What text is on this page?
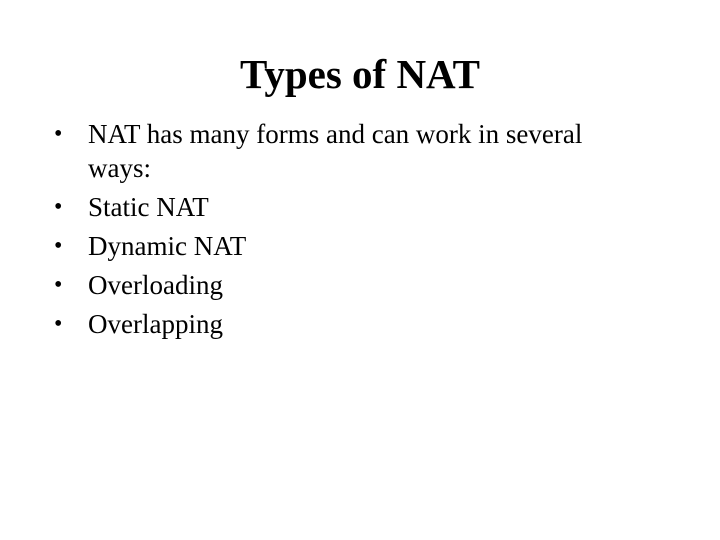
Types of NAT
• NAT has many forms and can work in several ways:
• Static NAT
• Dynamic NAT
• Overloading
• Overlapping
